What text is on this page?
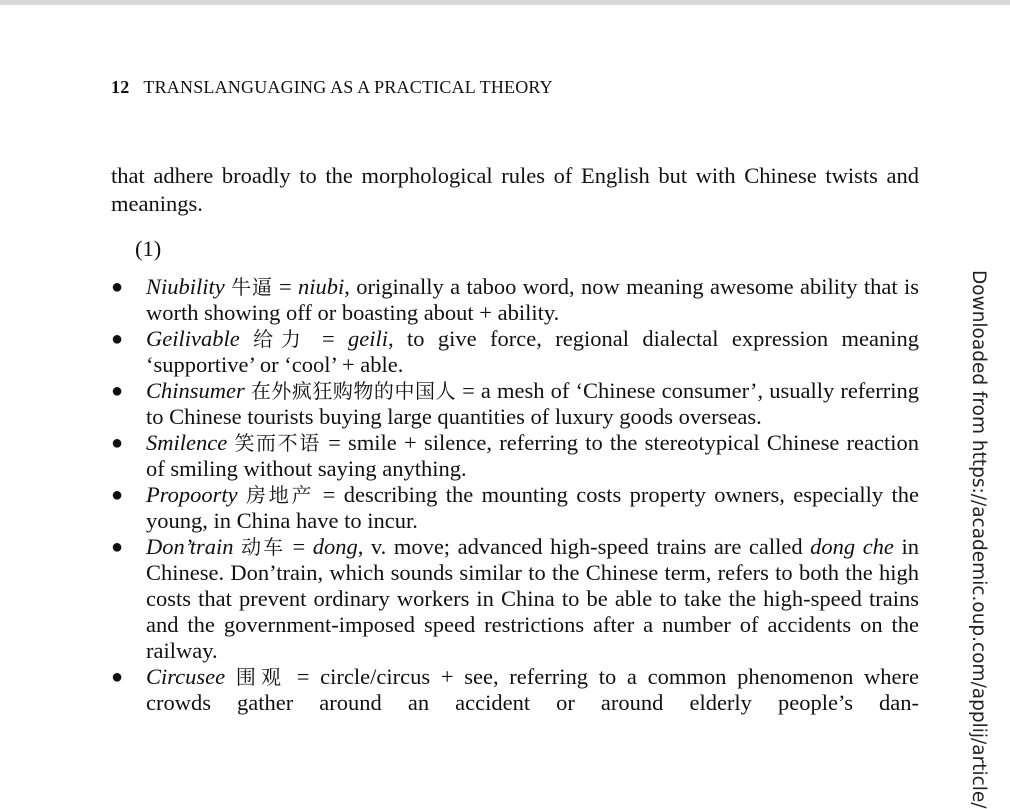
12 TRANSLANGUAGING AS A PRACTICAL THEORY

that adhere broadly to the morphological rules of English but with Chinese twists and meanings.

(1)
● Niubility 牛逼 = niubi, originally a taboo word, now meaning awesome ability that is worth showing off or boasting about + ability.
● Geilivable 给力 = geili, to give force, regional dialectal expression meaning ‘supportive’ or ‘cool’ + able.
● Chinsumer 在外疯狂购物的中国人 = a mesh of ‘Chinese consumer’, usually referring to Chinese tourists buying large quantities of luxury goods overseas.
● Smilence 笑而不语 = smile + silence, referring to the stereotypical Chinese reaction of smiling without saying anything.
● Propoorty 房地产 = describing the mounting costs property owners, especially the young, in China have to incur.
● Don’train 动车 = dong, v. move; advanced high-speed trains are called dong che in Chinese. Don’train, which sounds similar to the Chinese term, refers to both the high costs that prevent ordinary workers in China to be able to take the high-speed trains and the government-imposed speed restrictions after a number of accidents on the railway.
● Circusee 围观 = circle/circus + see, referring to a common phenomenon where crowds gather around an accident or around elderly people’s dan-	Downloaded from https://academic.oup.com/applij/article/
